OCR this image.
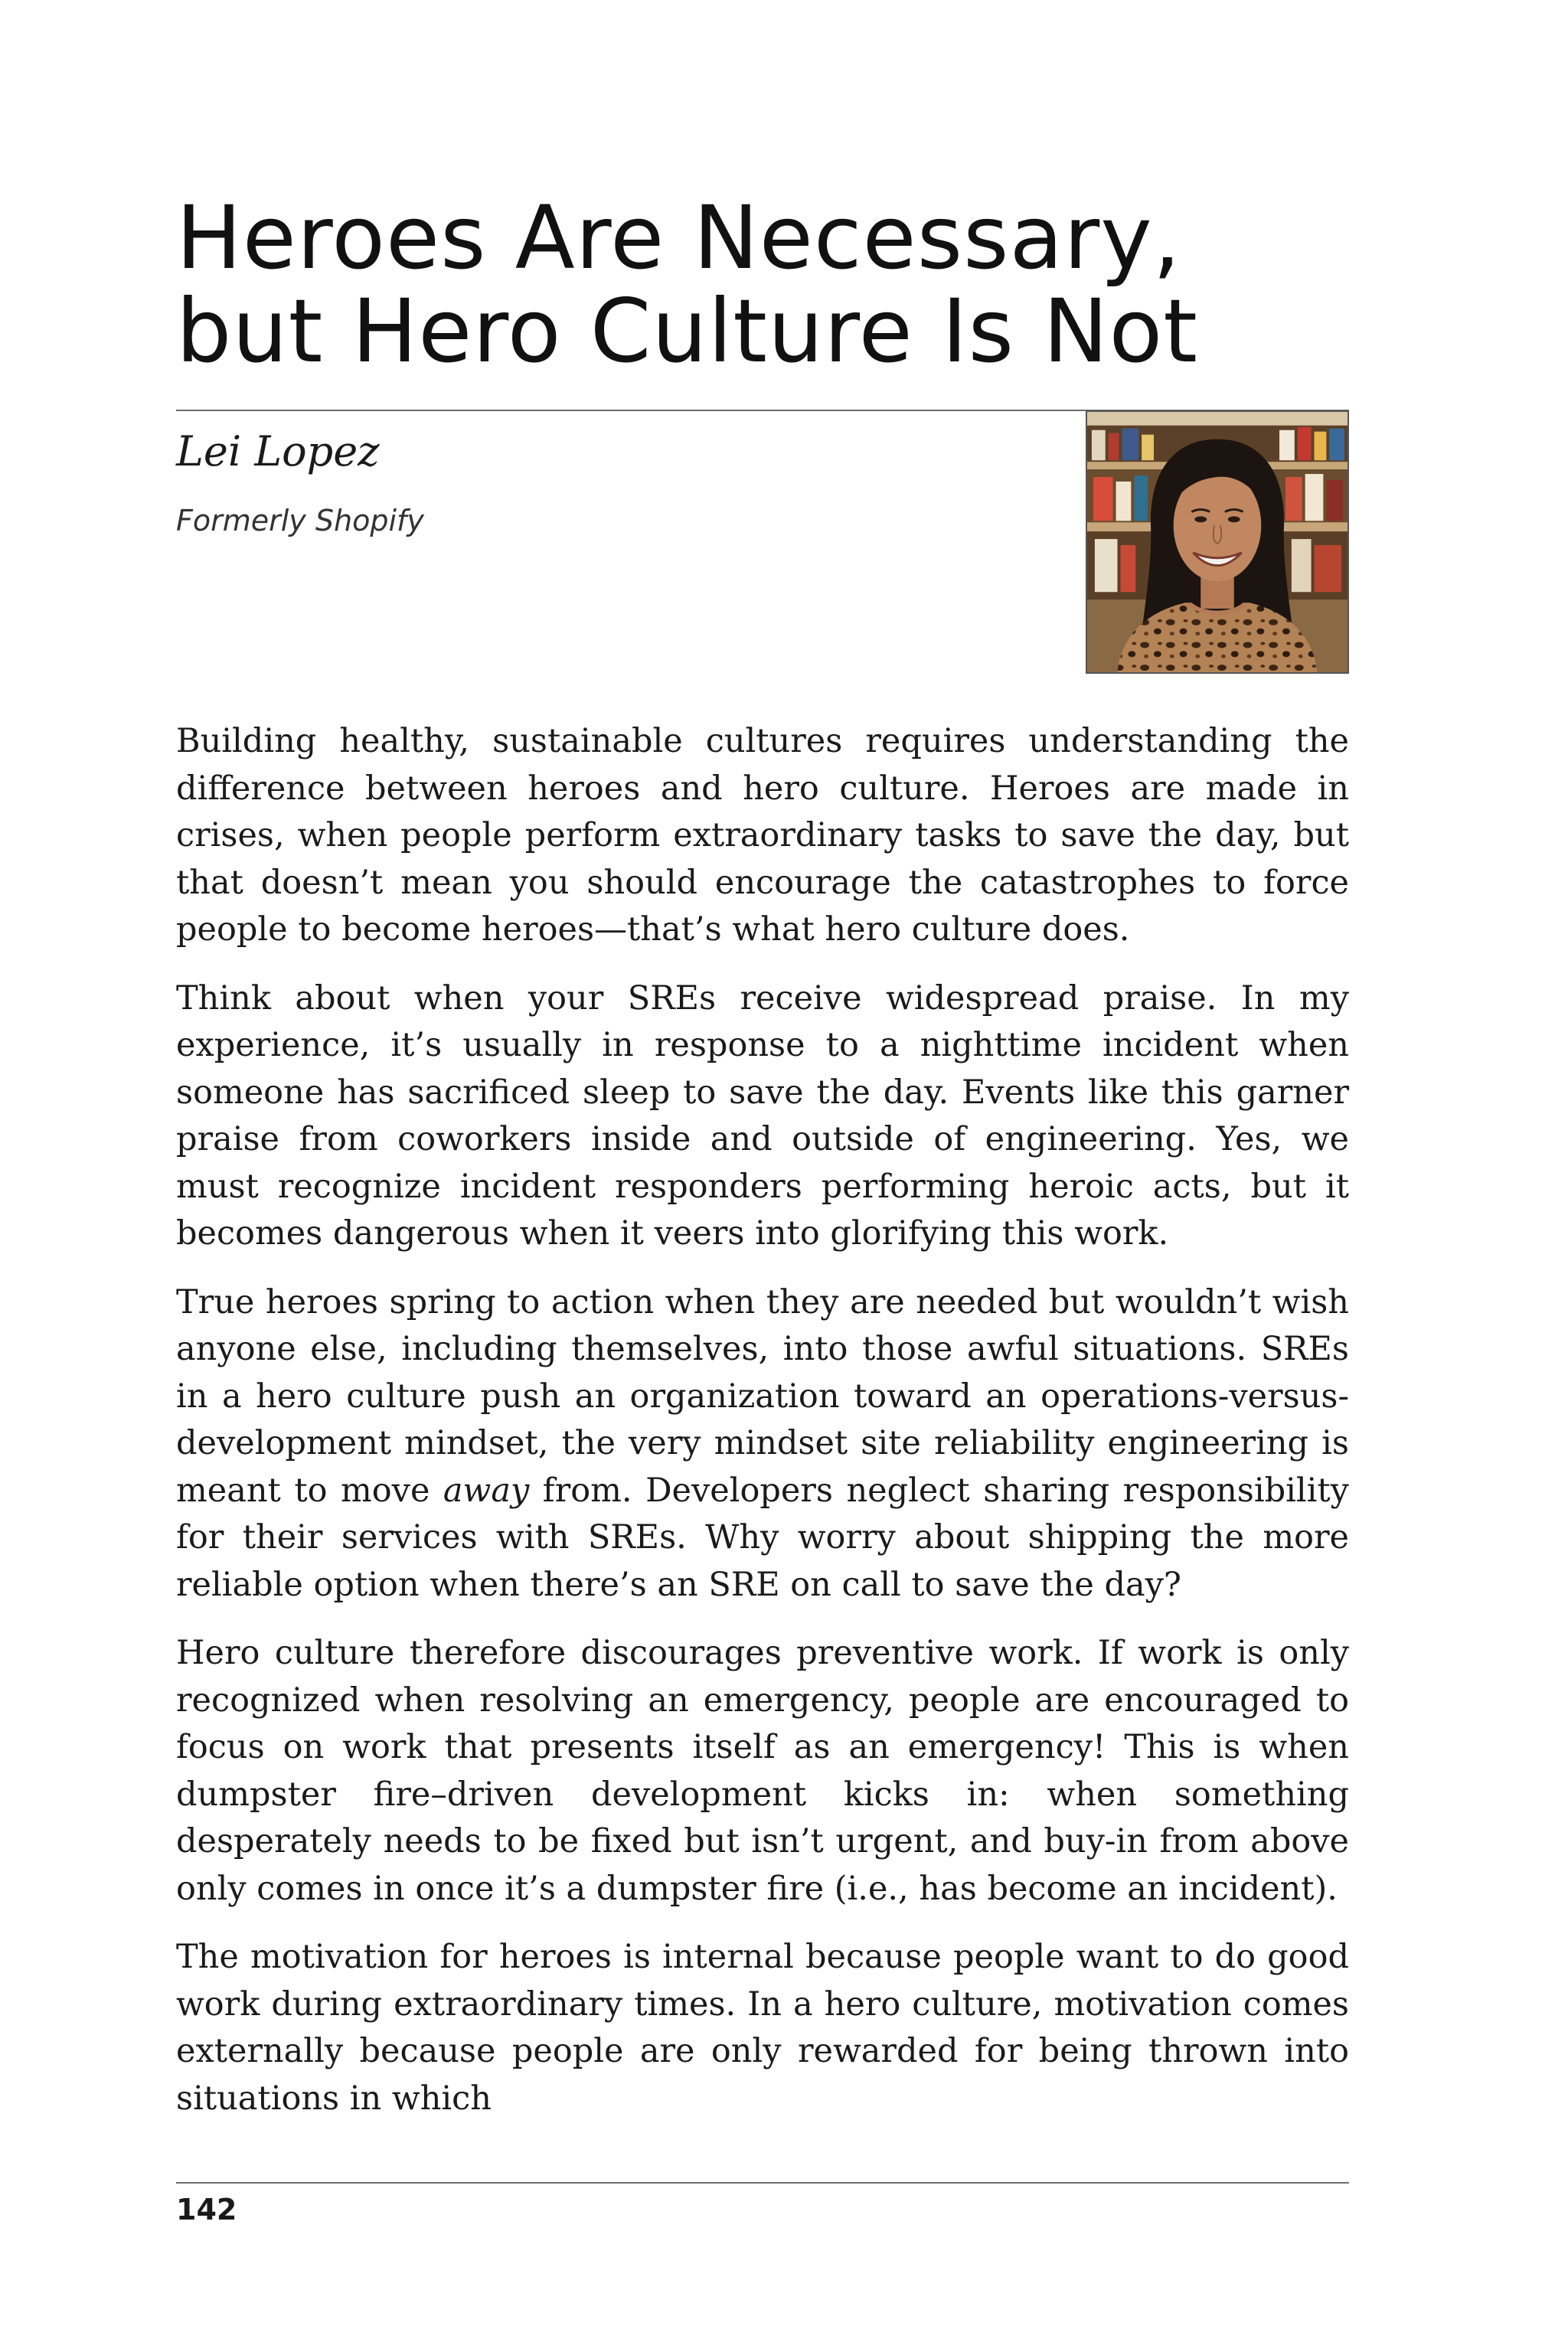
Heroes Are Necessary,
but Hero Culture Is Not

Lei Lopez

Formerly Shopify

Building healthy, sustainable cultures requires understanding the difference between heroes and hero culture. Heroes are made in crises, when people perform extraordinary tasks to save the day, but that doesn’t mean you should encourage the catastrophes to force people to become heroes—that’s what hero culture does.

Think about when your SREs receive widespread praise. In my experience, it’s usually in response to a nighttime incident when someone has sacrificed sleep to save the day. Events like this garner praise from coworkers inside and outside of engineering. Yes, we must recognize incident responders performing heroic acts, but it becomes dangerous when it veers into glorifying this work.

True heroes spring to action when they are needed but wouldn’t wish anyone else, including themselves, into those awful situations. SREs in a hero culture push an organization toward an operations-versus-development mindset, the very mindset site reliability engineering is meant to move away from. Developers neglect sharing responsibility for their services with SREs. Why worry about shipping the more reliable option when there’s an SRE on call to save the day?

Hero culture therefore discourages preventive work. If work is only recognized when resolving an emergency, people are encouraged to focus on work that presents itself as an emergency! This is when dumpster fire–driven development kicks in: when something desperately needs to be fixed but isn’t urgent, and buy-in from above only comes in once it’s a dumpster fire (i.e., has become an incident).

The motivation for heroes is internal because people want to do good work during extraordinary times. In a hero culture, motivation comes externally because people are only rewarded for being thrown into situations in which

142
